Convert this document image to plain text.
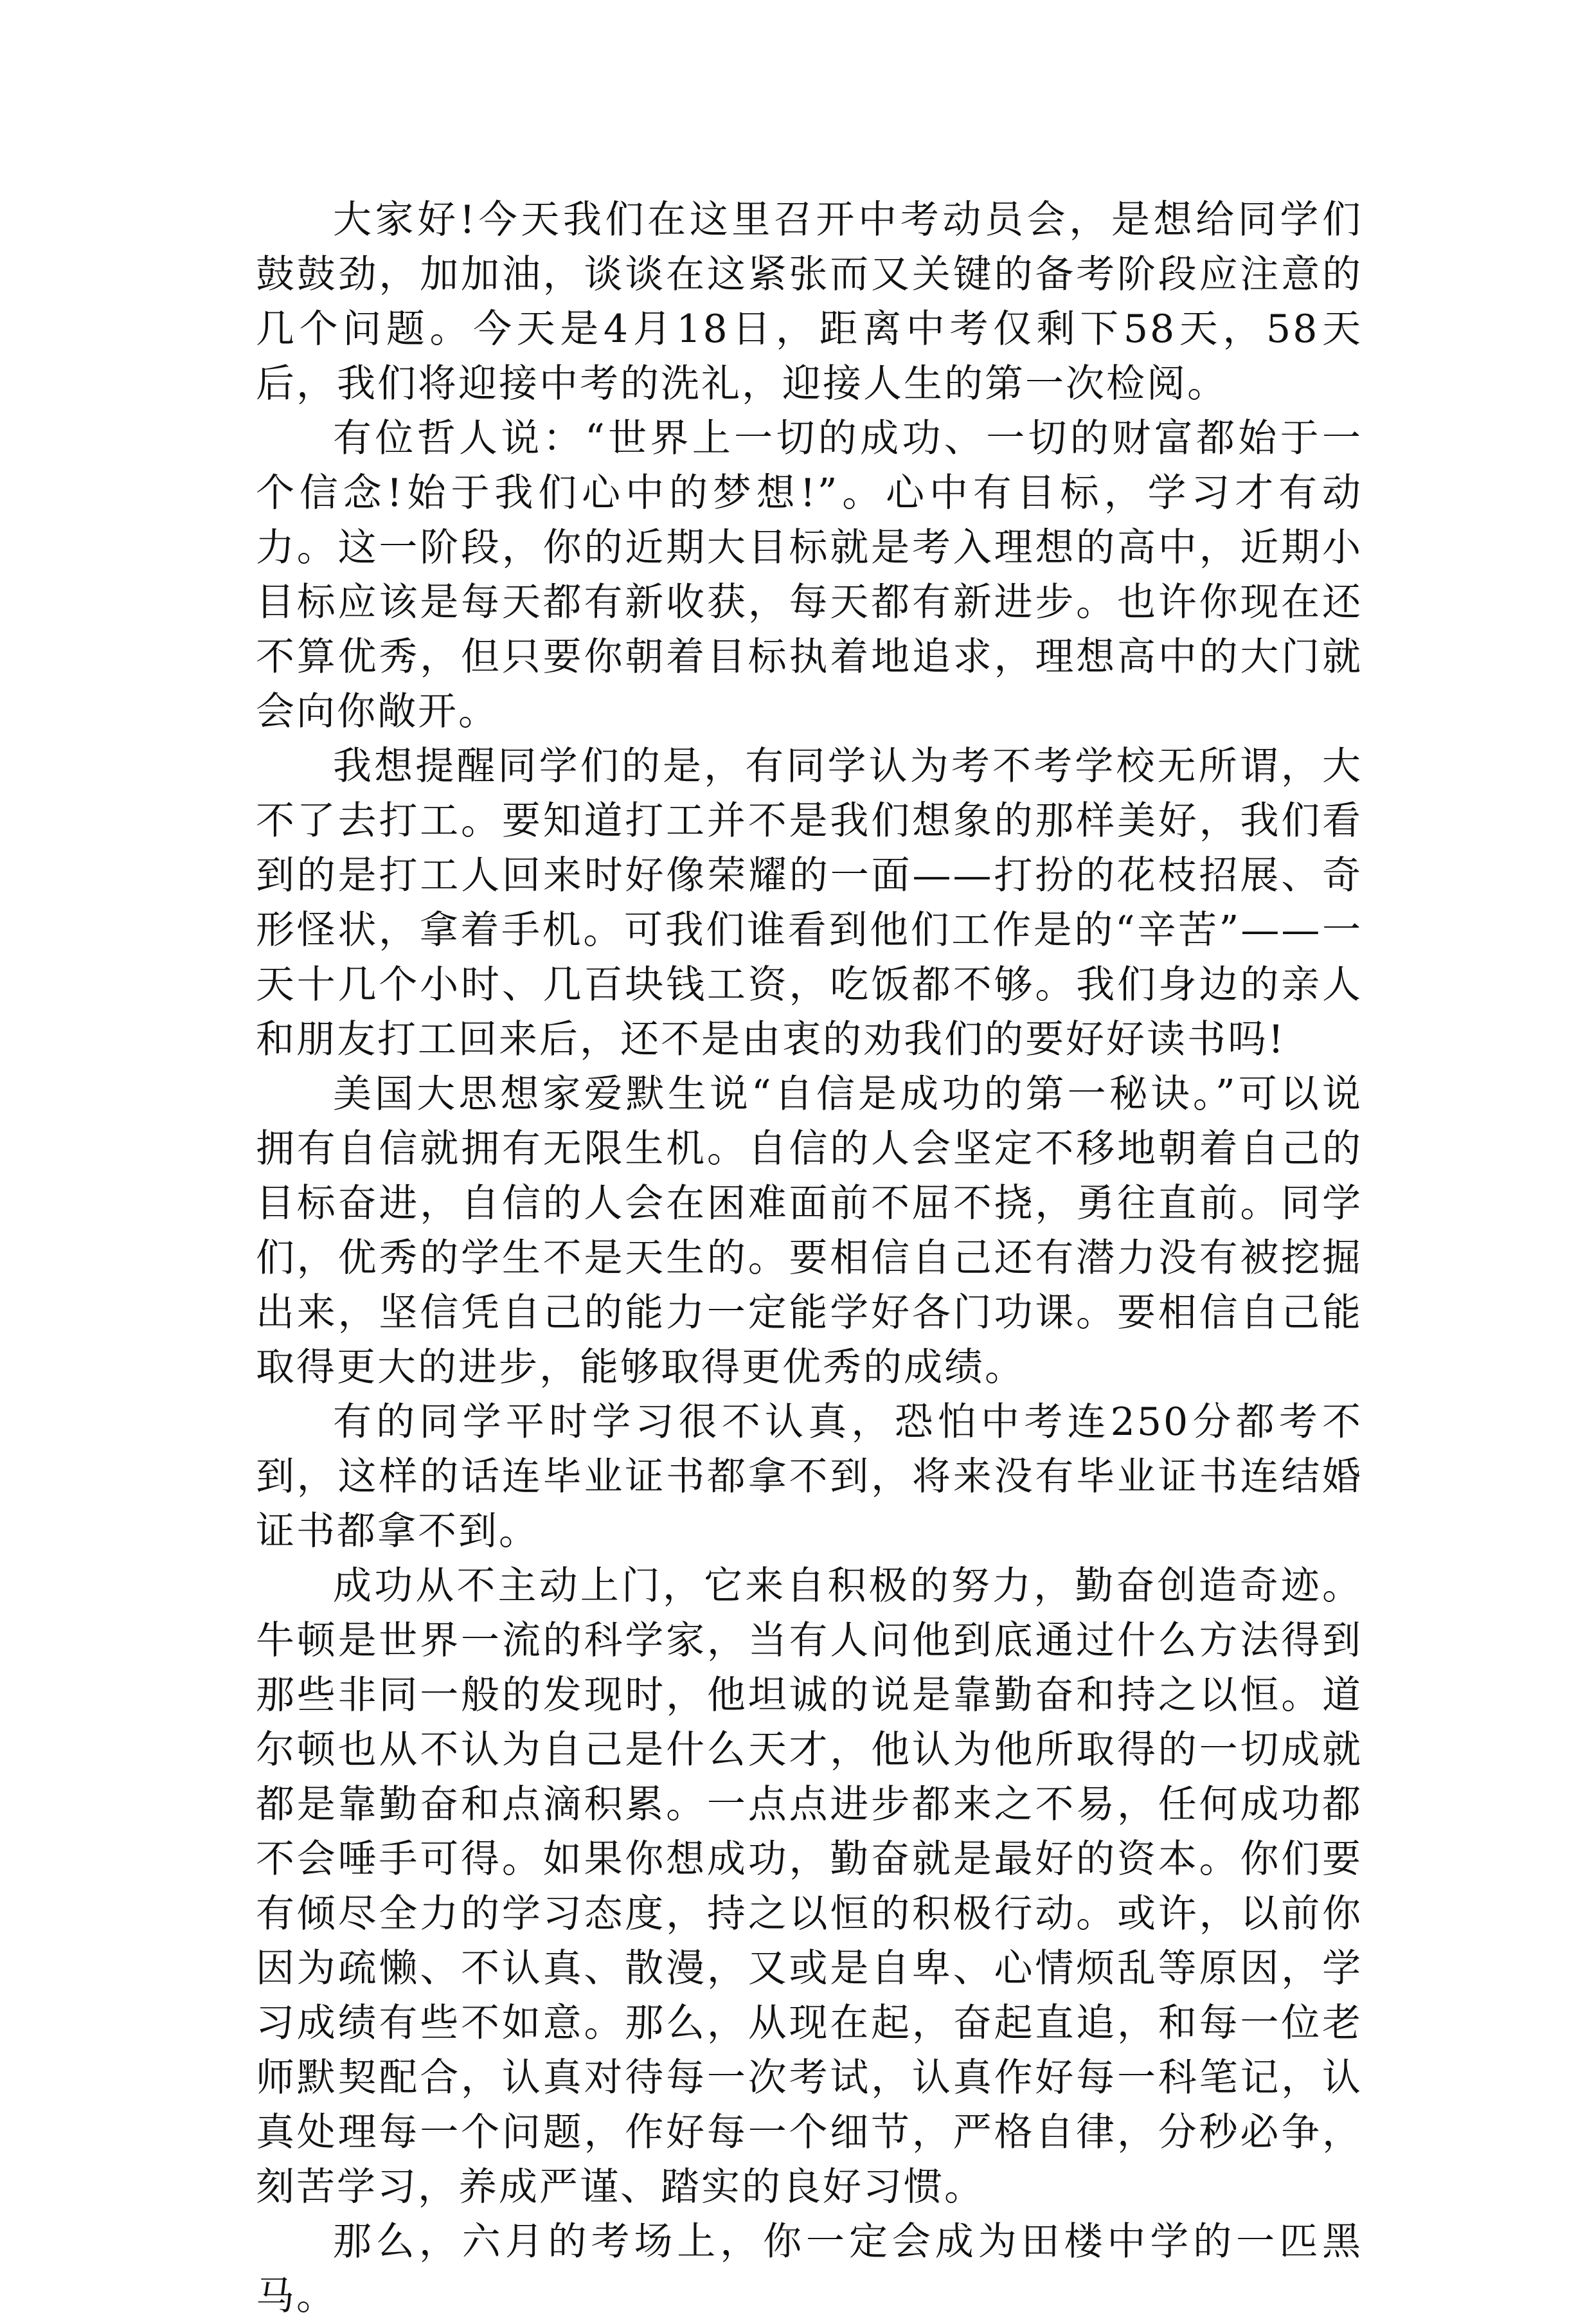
大家好!今天我们在这里召开中考动员会，是想给同学们鼓鼓劲，加加油，谈谈在这紧张而又关键的备考阶段应注意的几个问题。今天是4月18日，距离中考仅剩下58天，58天后，我们将迎接中考的洗礼，迎接人生的第一次检阅。

有位哲人说：“世界上一切的成功、一切的财富都始于一个信念!始于我们心中的梦想!”。心中有目标，学习才有动力。这一阶段，你的近期大目标就是考入理想的高中，近期小目标应该是每天都有新收获，每天都有新进步。也许你现在还不算优秀，但只要你朝着目标执着地追求，理想高中的大门就会向你敞开。

我想提醒同学们的是，有同学认为考不考学校无所谓，大不了去打工。要知道打工并不是我们想象的那样美好，我们看到的是打工人回来时好像荣耀的一面——打扮的花枝招展、奇形怪状，拿着手机。可我们谁看到他们工作是的“辛苦”——一天十几个小时、几百块钱工资，吃饭都不够。我们身边的亲人和朋友打工回来后，还不是由衷的劝我们的要好好读书吗!

美国大思想家爱默生说“自信是成功的第一秘诀。”可以说拥有自信就拥有无限生机。自信的人会坚定不移地朝着自己的目标奋进，自信的人会在困难面前不屈不挠，勇往直前。同学们，优秀的学生不是天生的。要相信自己还有潜力没有被挖掘出来，坚信凭自己的能力一定能学好各门功课。要相信自己能取得更大的进步，能够取得更优秀的成绩。

有的同学平时学习很不认真，恐怕中考连250分都考不到，这样的话连毕业证书都拿不到，将来没有毕业证书连结婚证书都拿不到。

成功从不主动上门，它来自积极的努力，勤奋创造奇迹。牛顿是世界一流的科学家，当有人问他到底通过什么方法得到那些非同一般的发现时，他坦诚的说是靠勤奋和持之以恒。道尔顿也从不认为自己是什么天才，他认为他所取得的一切成就都是靠勤奋和点滴积累。一点点进步都来之不易，任何成功都不会唾手可得。如果你想成功，勤奋就是最好的资本。你们要有倾尽全力的学习态度，持之以恒的积极行动。或许，以前你因为疏懒、不认真、散漫，又或是自卑、心情烦乱等原因，学习成绩有些不如意。那么，从现在起，奋起直追，和每一位老师默契配合，认真对待每一次考试，认真作好每一科笔记，认真处理每一个问题，作好每一个细节，严格自律，分秒必争，刻苦学习，养成严谨、踏实的良好习惯。

那么，六月的考场上，你一定会成为田楼中学的一匹黑马。
